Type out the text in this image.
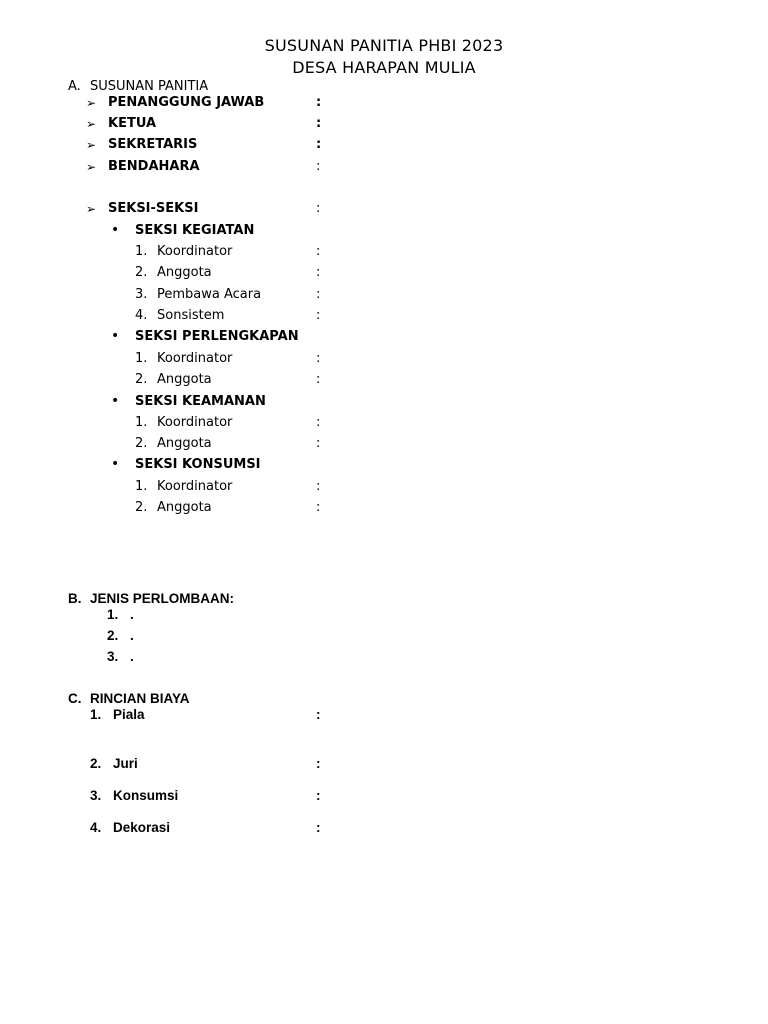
SUSUNAN PANITIA PHBI 2023
DESA HARAPAN MULIA
A. SUSUNAN PANITIA
➢ PENANGGUNG JAWAB	:
➢ KETUA	:
➢ SEKRETARIS	:
➢ BENDAHARA	:
➢ SEKSI-SEKSI	:
• SEKSI KEGIATAN
1. Koordinator	:
2. Anggota	:
3. Pembawa Acara	:
4. Sonsistem	:
• SEKSI PERLENGKAPAN
1. Koordinator	:
2. Anggota	:
• SEKSI KEAMANAN
1. Koordinator	:
2. Anggota	:
• SEKSI KONSUMSI
1. Koordinator	:
2. Anggota	:
B. JENIS PERLOMBAAN:
1. .
2. .
3. .
C. RINCIAN BIAYA
1. Piala	:
2. Juri	:
3. Konsumsi	:
4. Dekorasi	:
